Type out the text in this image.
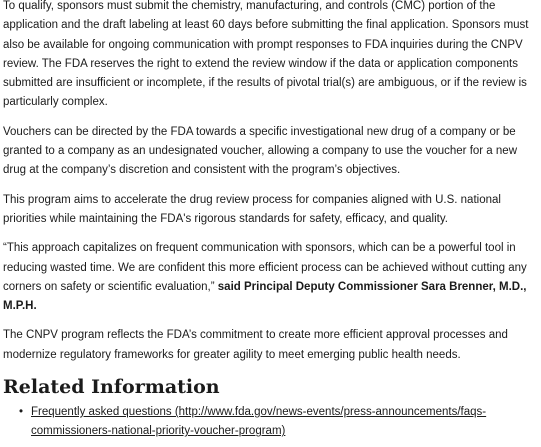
To qualify, sponsors must submit the chemistry, manufacturing, and controls (CMC) portion of the application and the draft labeling at least 60 days before submitting the final application. Sponsors must also be available for ongoing communication with prompt responses to FDA inquiries during the CNPV review. The FDA reserves the right to extend the review window if the data or application components submitted are insufficient or incomplete, if the results of pivotal trial(s) are ambiguous, or if the review is particularly complex.

Vouchers can be directed by the FDA towards a specific investigational new drug of a company or be granted to a company as an undesignated voucher, allowing a company to use the voucher for a new drug at the company’s discretion and consistent with the program’s objectives.

This program aims to accelerate the drug review process for companies aligned with U.S. national priorities while maintaining the FDA's rigorous standards for safety, efficacy, and quality.

“This approach capitalizes on frequent communication with sponsors, which can be a powerful tool in reducing wasted time. We are confident this more efficient process can be achieved without cutting any corners on safety or scientific evaluation,” said Principal Deputy Commissioner Sara Brenner, M.D., M.P.H.

The CNPV program reflects the FDA’s commitment to create more efficient approval processes and modernize regulatory frameworks for greater agility to meet emerging public health needs.

Related Information
• Frequently asked questions (http://www.fda.gov/news-events/press-announcements/faqs-commissioners-national-priority-voucher-program)
